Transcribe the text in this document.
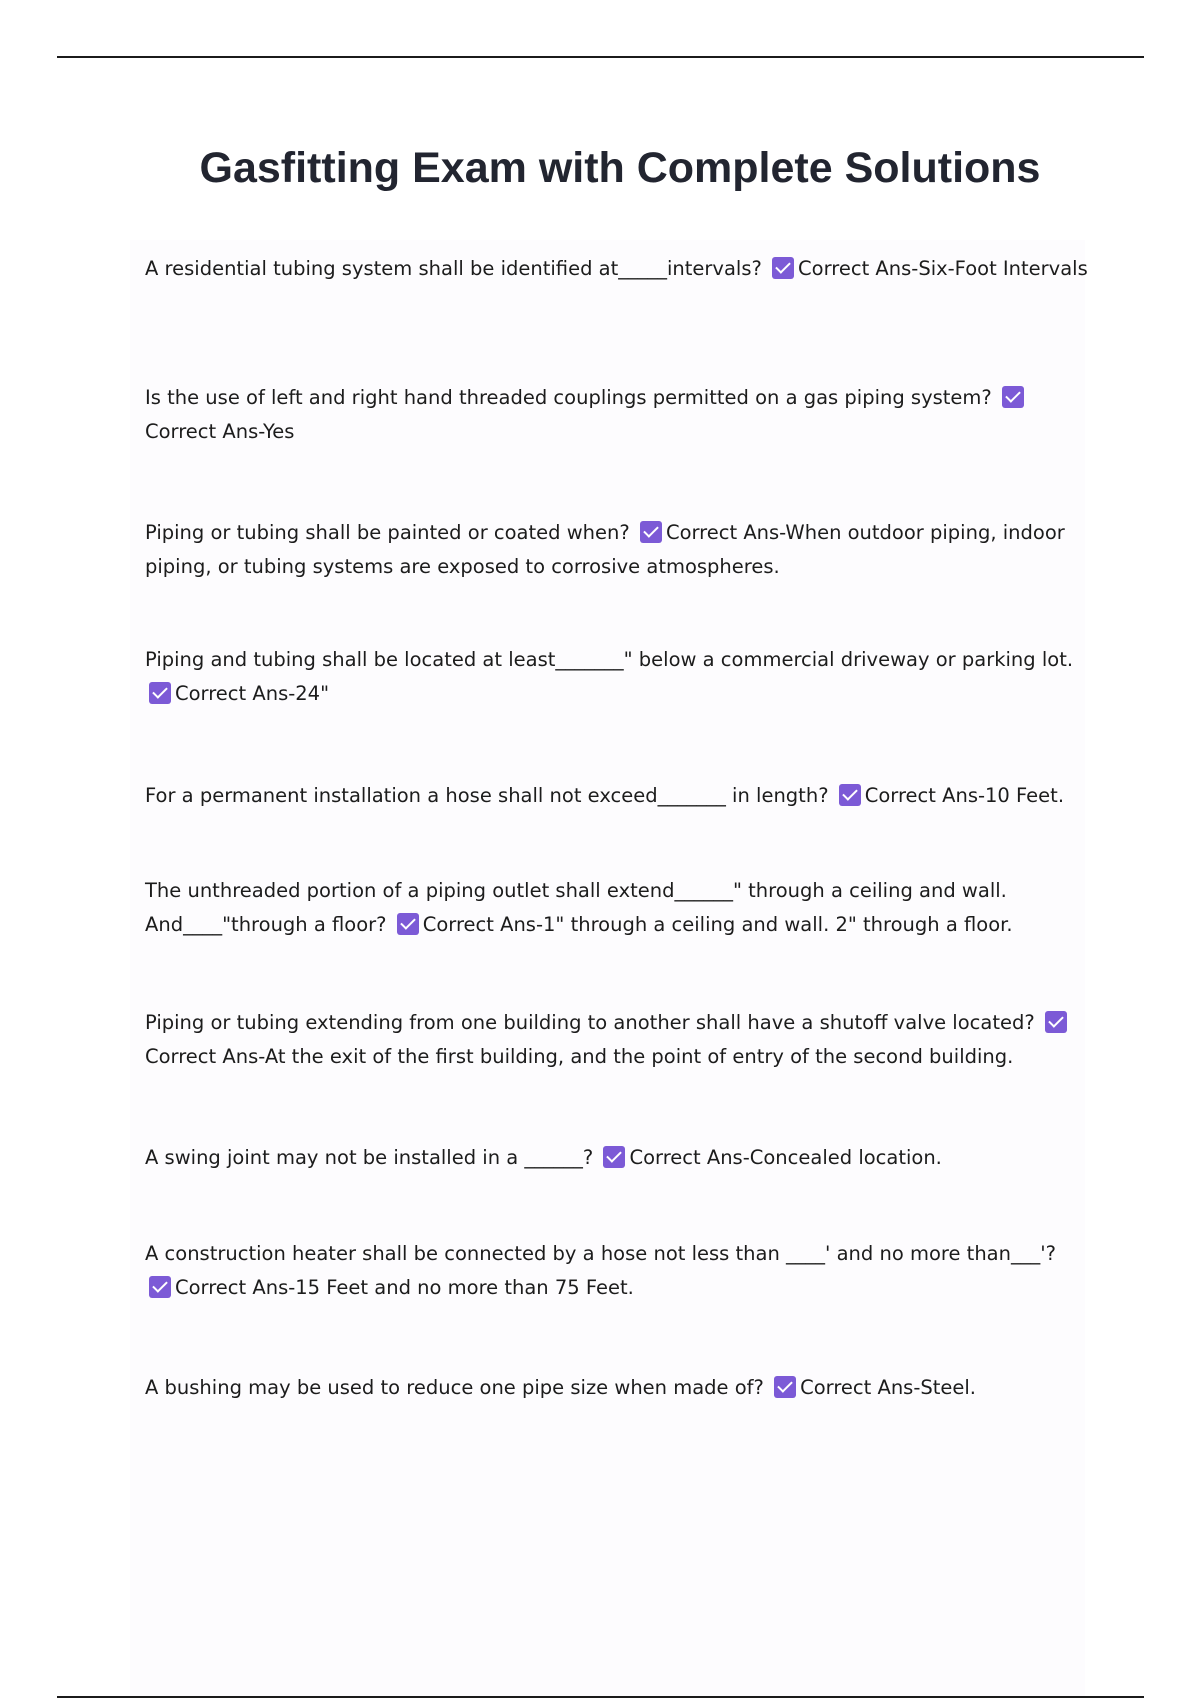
Gasfitting Exam with Complete Solutions

A residential tubing system shall be identified at_____intervals? Correct Ans-Six-Foot Intervals

Is the use of left and right hand threaded couplings permitted on a gas piping system? Correct Ans-Yes

Piping or tubing shall be painted or coated when? Correct Ans-When outdoor piping, indoor piping, or tubing systems are exposed to corrosive atmospheres.

Piping and tubing shall be located at least_______" below a commercial driveway or parking lot. Correct Ans-24"

For a permanent installation a hose shall not exceed_______ in length? Correct Ans-10 Feet.

The unthreaded portion of a piping outlet shall extend______" through a ceiling and wall. And____"through a floor? Correct Ans-1" through a ceiling and wall. 2" through a floor.

Piping or tubing extending from one building to another shall have a shutoff valve located? Correct Ans-At the exit of the first building, and the point of entry of the second building.

A swing joint may not be installed in a ______? Correct Ans-Concealed location.

A construction heater shall be connected by a hose not less than ____' and no more than___'? Correct Ans-15 Feet and no more than 75 Feet.

A bushing may be used to reduce one pipe size when made of? Correct Ans-Steel.
